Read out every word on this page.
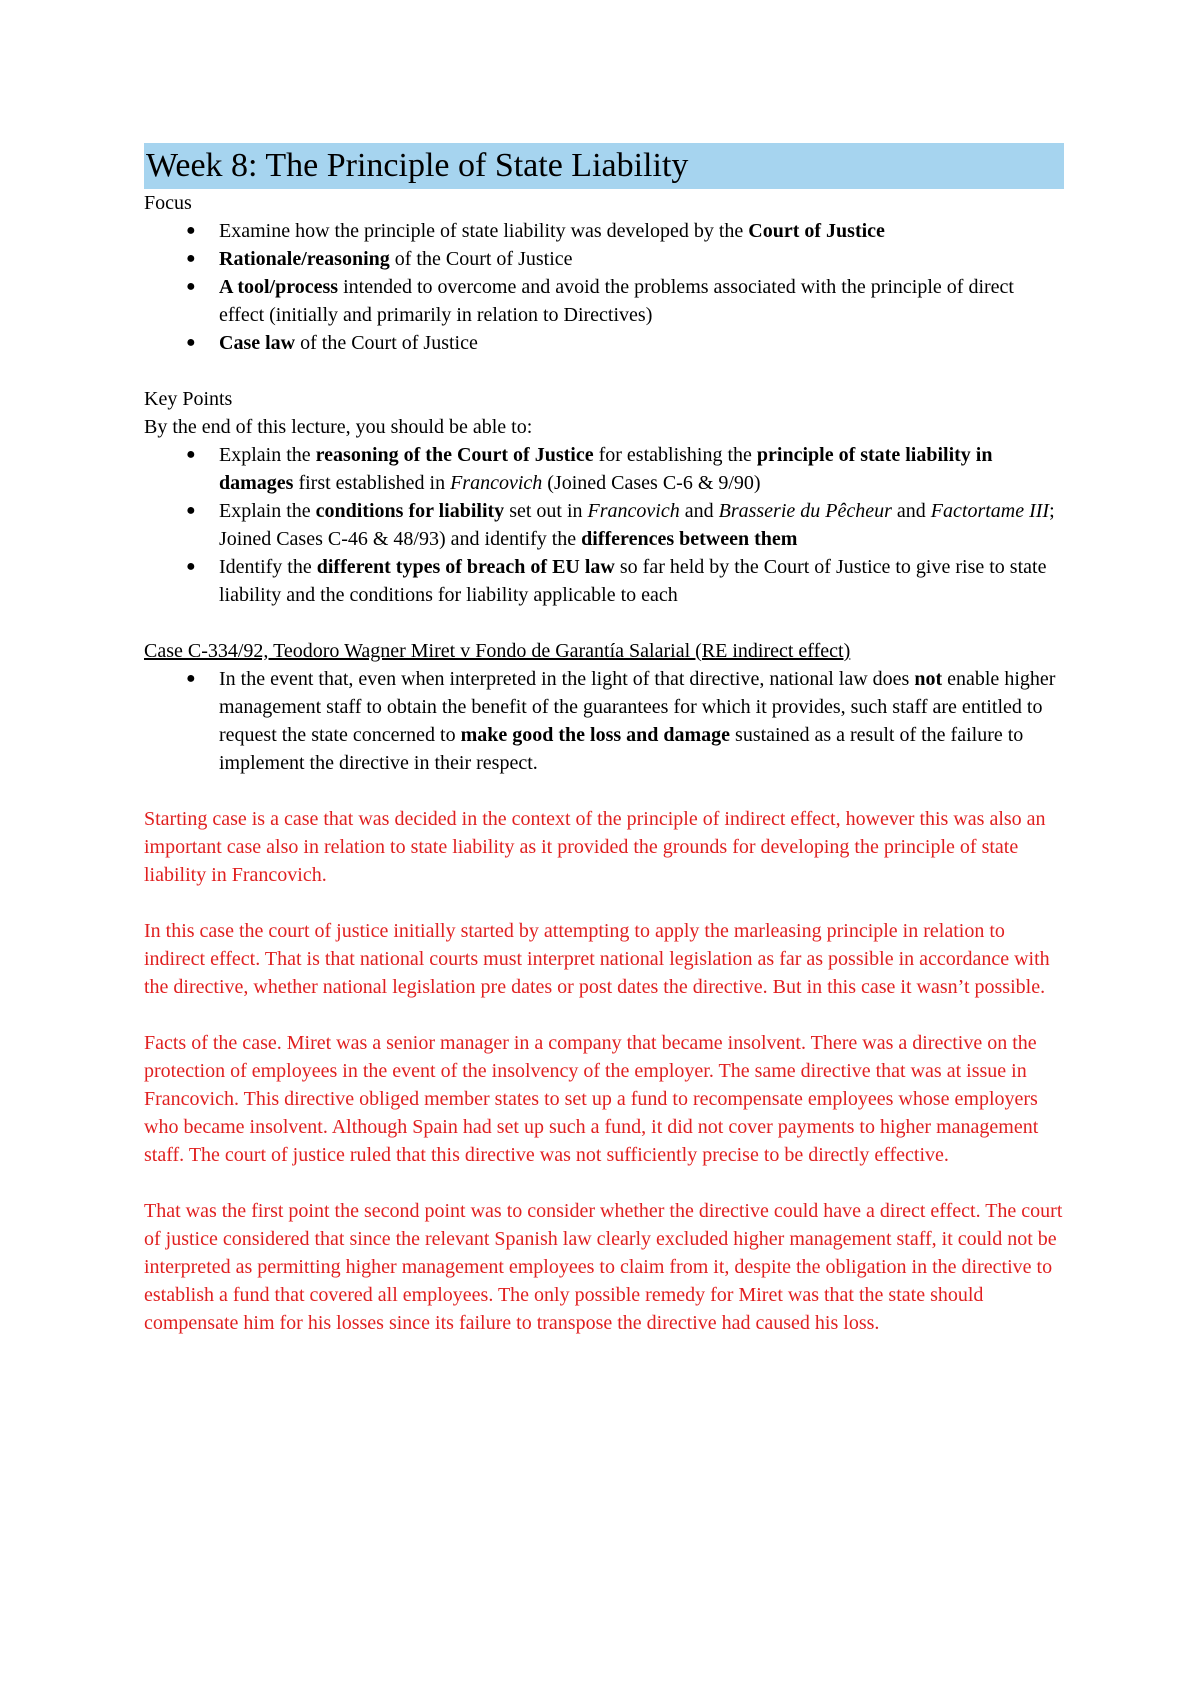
Week 8: The Principle of State Liability
Focus
● Examine how the principle of state liability was developed by the Court of Justice
● Rationale/reasoning of the Court of Justice
● A tool/process intended to overcome and avoid the problems associated with the principle of direct effect (initially and primarily in relation to Directives)
● Case law of the Court of Justice
Key Points
By the end of this lecture, you should be able to:
● Explain the reasoning of the Court of Justice for establishing the principle of state liability in damages first established in Francovich (Joined Cases C-6 & 9/90)
● Explain the conditions for liability set out in Francovich and Brasserie du Pêcheur and Factortame III; Joined Cases C-46 & 48/93) and identify the differences between them
● Identify the different types of breach of EU law so far held by the Court of Justice to give rise to state liability and the conditions for liability applicable to each
Case C-334/92, Teodoro Wagner Miret v Fondo de Garantía Salarial (RE indirect effect)
● In the event that, even when interpreted in the light of that directive, national law does not enable higher management staff to obtain the benefit of the guarantees for which it provides, such staff are entitled to request the state concerned to make good the loss and damage sustained as a result of the failure to implement the directive in their respect.
Starting case is a case that was decided in the context of the principle of indirect effect, however this was also an important case also in relation to state liability as it provided the grounds for developing the principle of state liability in Francovich.
In this case the court of justice initially started by attempting to apply the marleasing principle in relation to indirect effect. That is that national courts must interpret national legislation as far as possible in accordance with the directive, whether national legislation pre dates or post dates the directive. But in this case it wasn’t possible.
Facts of the case. Miret was a senior manager in a company that became insolvent. There was a directive on the protection of employees in the event of the insolvency of the employer. The same directive that was at issue in Francovich. This directive obliged member states to set up a fund to recompensate employees whose employers who became insolvent. Although Spain had set up such a fund, it did not cover payments to higher management staff. The court of justice ruled that this directive was not sufficiently precise to be directly effective.
That was the first point the second point was to consider whether the directive could have a direct effect. The court of justice considered that since the relevant Spanish law clearly excluded higher management staff, it could not be interpreted as permitting higher management employees to claim from it, despite the obligation in the directive to establish a fund that covered all employees. The only possible remedy for Miret was that the state should compensate him for his losses since its failure to transpose the directive had caused his loss.
